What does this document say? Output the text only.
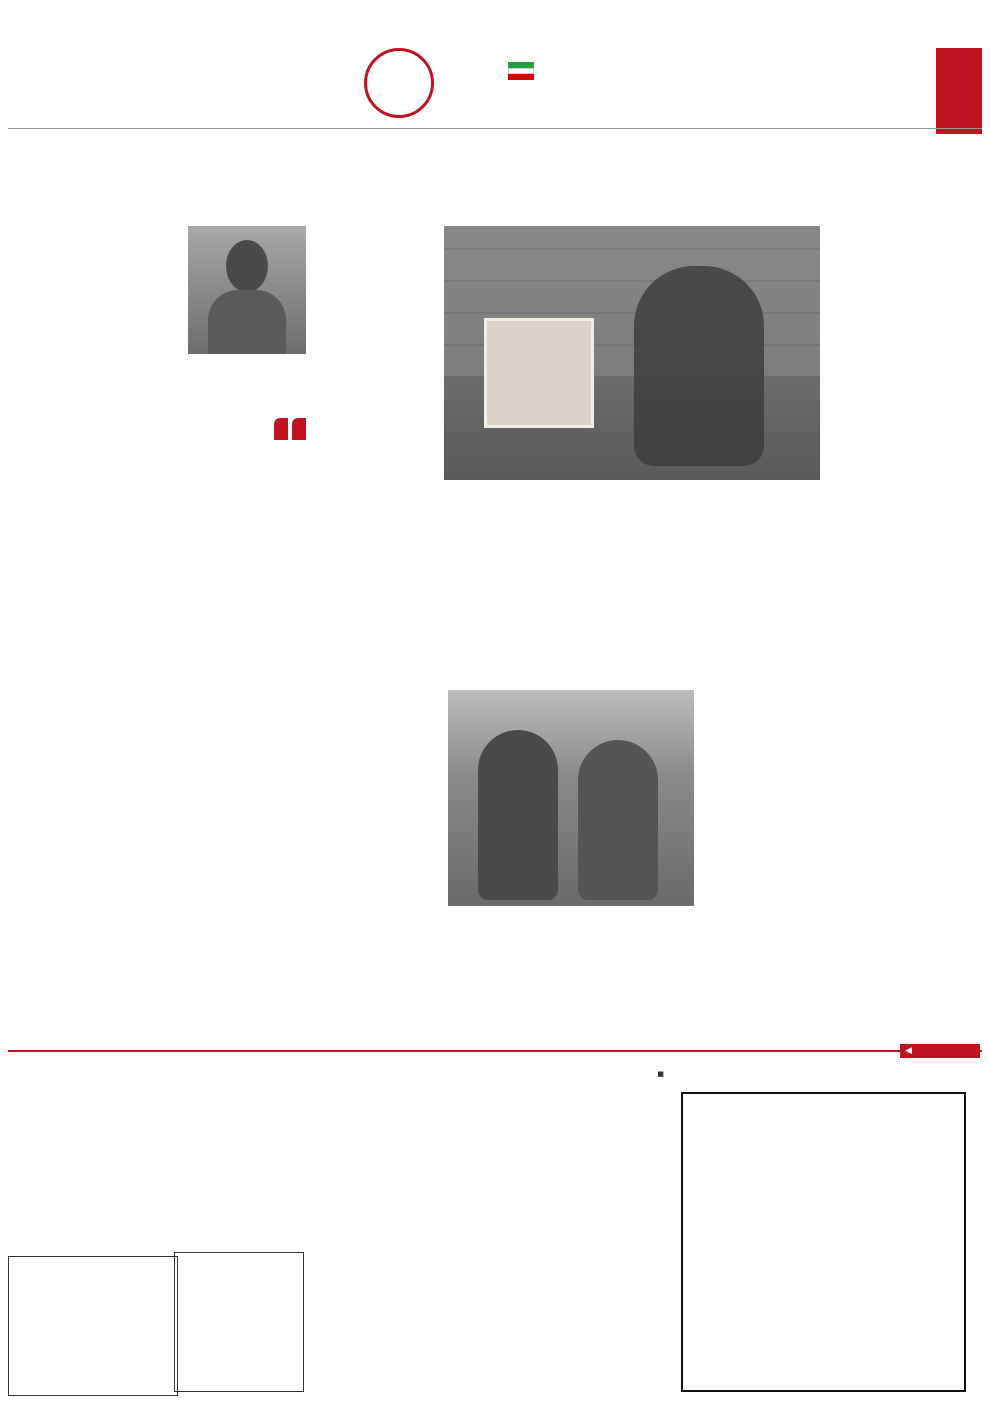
◀
■
